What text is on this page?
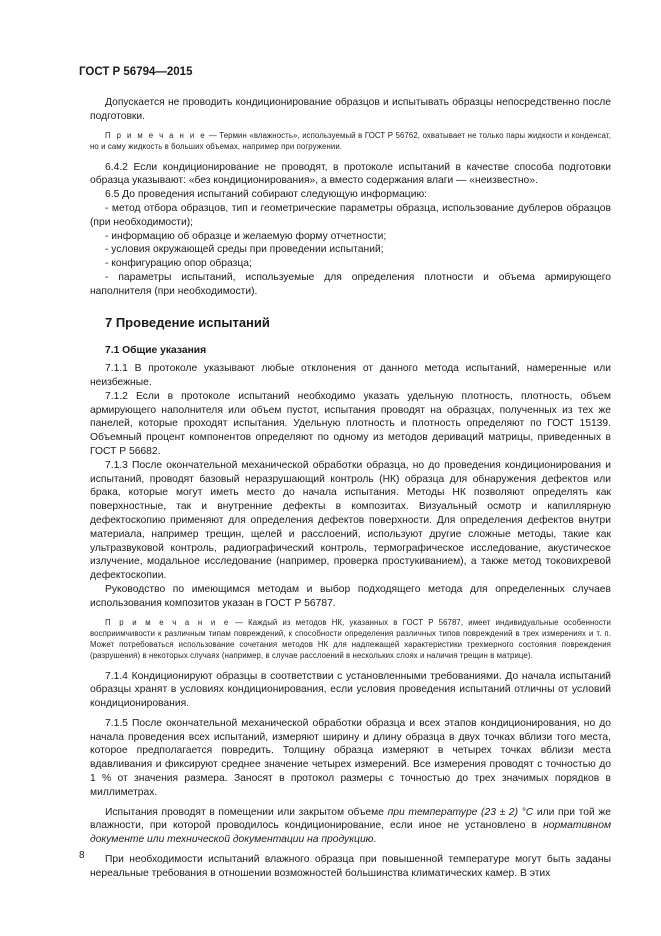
ГОСТ Р 56794—2015

Допускается не проводить кондиционирование образцов и испытывать образцы непосредственно после подготовки.

П р и м е ч а н и е — Термин «влажность», используемый в ГОСТ Р 56762, охватывает не только пары жидкости и конденсат, но и саму жидкость в больших объемах, например при погружении.

6.4.2 Если кондиционирование не проводят, в протоколе испытаний в качестве способа подготовки образца указывают: «без кондиционирования», а вместо содержания влаги — «неизвестно».

6.5 До проведения испытаний собирают следующую информацию:

- метод отбора образцов, тип и геометрические параметры образца, использование дублеров образцов (при необходимости);

- информацию об образце и желаемую форму отчетности;

- условия окружающей среды при проведении испытаний;

- конфигурацию опор образца;

- параметры испытаний, используемые для определения плотности и объема армирующего наполнителя (при необходимости).

7 Проведение испытаний

7.1 Общие указания

7.1.1 В протоколе указывают любые отклонения от данного метода испытаний, намеренные или неизбежные.

7.1.2 Если в протоколе испытаний необходимо указать удельную плотность, плотность, объем армирующего наполнителя или объем пустот, испытания проводят на образцах, полученных из тех же панелей, которые проходят испытания. Удельную плотность и плотность определяют по ГОСТ 15139. Объемный процент компонентов определяют по одному из методов дериваций матрицы, приведенных в ГОСТ Р 56682.

7.1.3 После окончательной механической обработки образца, но до проведения кондиционирования и испытаний, проводят базовый неразрушающий контроль (НК) образца для обнаружения дефектов или брака, которые могут иметь место до начала испытания. Методы НК позволяют определять как поверхностные, так и внутренние дефекты в композитах. Визуальный осмотр и капиллярную дефектоскопию применяют для определения дефектов поверхности. Для определения дефектов внутри материала, например трещин, щелей и расслоений, используют другие сложные методы, такие как ультразвуковой контроль, радиографический контроль, термографическое исследование, акустическое излучение, модальное исследование (например, проверка простукиванием), а также метод токовихревой дефектоскопии.

Руководство по имеющимся методам и выбор подходящего метода для определенных случаев использования композитов указан в ГОСТ Р 56787.

П р и м е ч а н и е — Каждый из методов НК, указанных в ГОСТ Р 56787, имеет индивидуальные особенности восприимчивости к различным типам повреждений, к способности определения различных типов повреждений в трех измерениях и т. п. Может потребоваться использование сочетания методов НК для надлежащей характеристики трехмерного состояния повреждения (разрушения) в некоторых случаях (например, в случае расслоений в нескольких слоях и наличия трещин в матрице).

7.1.4 Кондиционируют образцы в соответствии с установленными требованиями. До начала испытаний образцы хранят в условиях кондиционирования, если условия проведения испытаний отличны от условий кондиционирования.

7.1.5 После окончательной механической обработки образца и всех этапов кондиционирования, но до начала проведения всех испытаний, измеряют ширину и длину образца в двух точках вблизи того места, которое предполагается повредить. Толщину образца измеряют в четырех точках вблизи места вдавливания и фиксируют среднее значение четырех измерений. Все измерения проводят с точностью до 1 % от значения размера. Заносят в протокол размеры с точностью до трех значимых порядков в миллиметрах.

Испытания проводят в помещении или закрытом объеме при температуре (23 ± 2) °С или при той же влажности, при которой проводилось кондиционирование, если иное не установлено в нормативном документе или технической документации на продукцию.

При необходимости испытаний влажного образца при повышенной температуре могут быть заданы нереальные требования в отношении возможностей большинства климатических камер. В этих

8
